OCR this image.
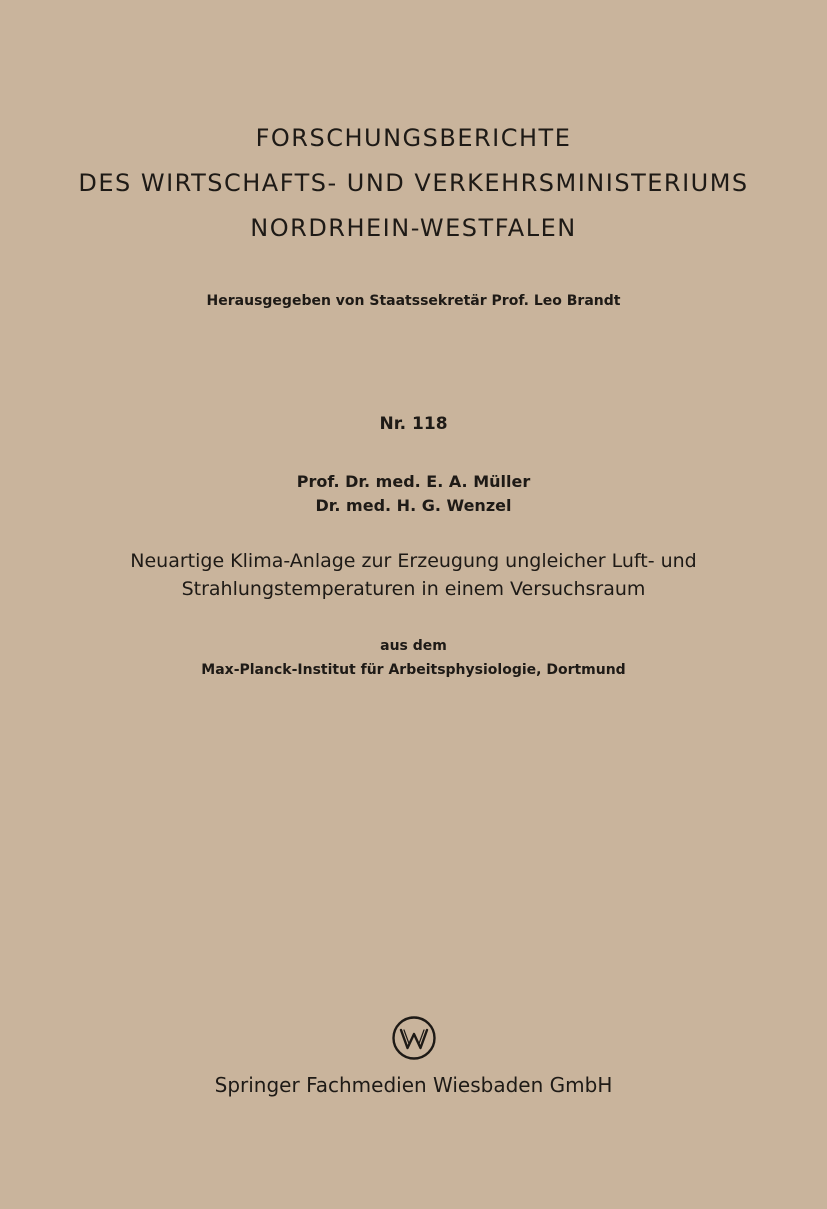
FORSCHUNGSBERICHTE
DES WIRTSCHAFTS- UND VERKEHRSMINISTERIUMS
NORDRHEIN-WESTFALEN
Herausgegeben von Staatssekretär Prof. Leo Brandt
Nr. 118
Prof. Dr. med. E. A. Müller
Dr. med. H. G. Wenzel
Neuartige Klima-Anlage zur Erzeugung ungleicher Luft- und
Strahlungstemperaturen in einem Versuchsraum
aus dem
Max-Planck-Institut für Arbeitsphysiologie, Dortmund
Springer Fachmedien Wiesbaden GmbH
